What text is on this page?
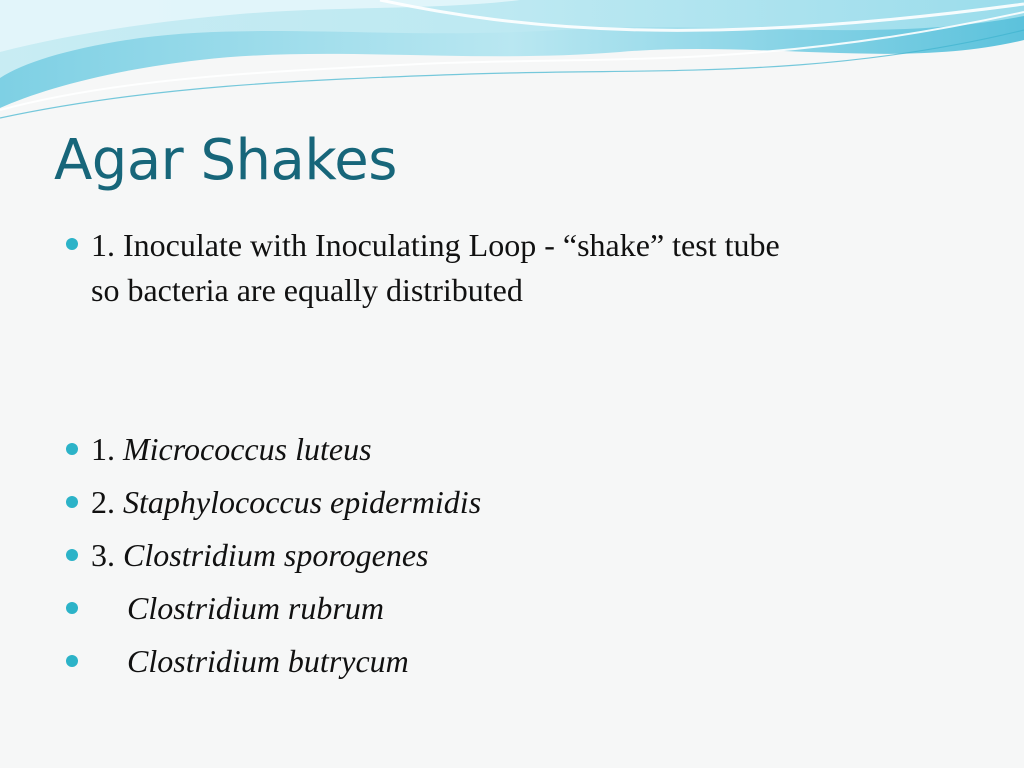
Agar Shakes
1. Inoculate with Inoculating Loop - “shake” test tube
so bacteria are equally distributed
1. Micrococcus luteus
2. Staphylococcus epidermidis
3. Clostridium sporogenes
Clostridium rubrum
Clostridium butrycum
